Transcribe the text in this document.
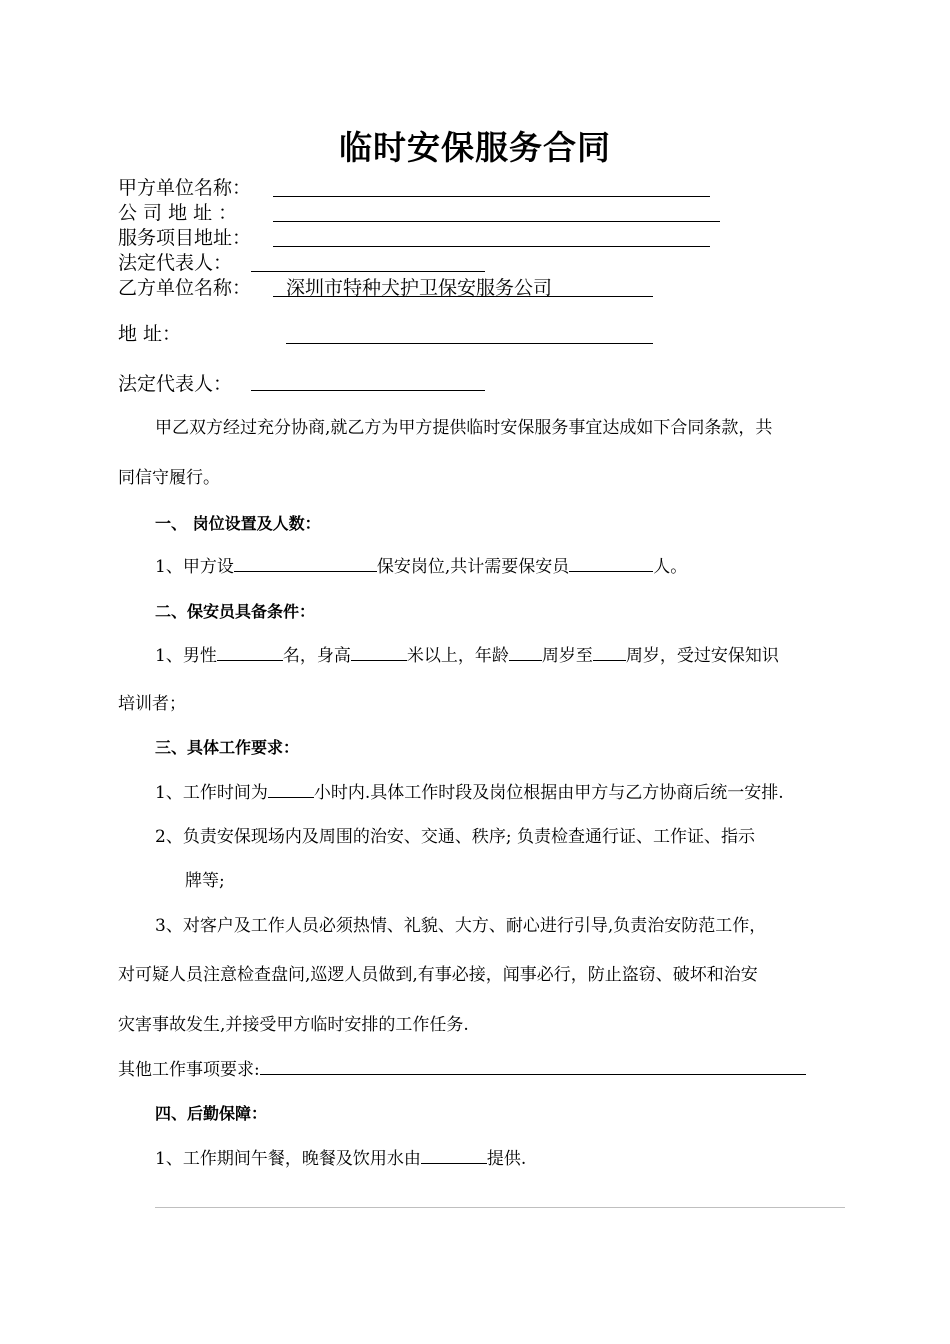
临时安保服务合同
甲方单位名称：
公 司 地 址 ：
服务项目地址：
法定代表人：
乙方单位名称： 深圳市特种犬护卫保安服务公司
地 址：
法定代表人：
甲乙双方经过充分协商,就乙方为甲方提供临时安保服务事宜达成如下合同条款，共
同信守履行。
一、 岗位设置及人数：
1、甲方设	保安岗位,共计需要保安员	人。
二、保安员具备条件：
1、男性	名，身高	米以上，年龄 周岁至 周岁，受过安保知识
培训者；
三、具体工作要求：
1、工作时间为	小时内.具体工作时段及岗位根据由甲方与乙方协商后统一安排.
2、负责安保现场内及周围的治安、交通、秩序; 负责检查通行证、工作证、指示
牌等;
3、对客户及工作人员必须热情、礼貌、大方、耐心进行引导,负责治安防范工作，
对可疑人员注意检查盘问,巡逻人员做到,有事必接，闻事必行，防止盗窃、破坏和治安
灾害事故发生,并接受甲方临时安排的工作任务.
其他工作事项要求:
四、后勤保障：
1、工作期间午餐，晚餐及饮用水由	提供.
